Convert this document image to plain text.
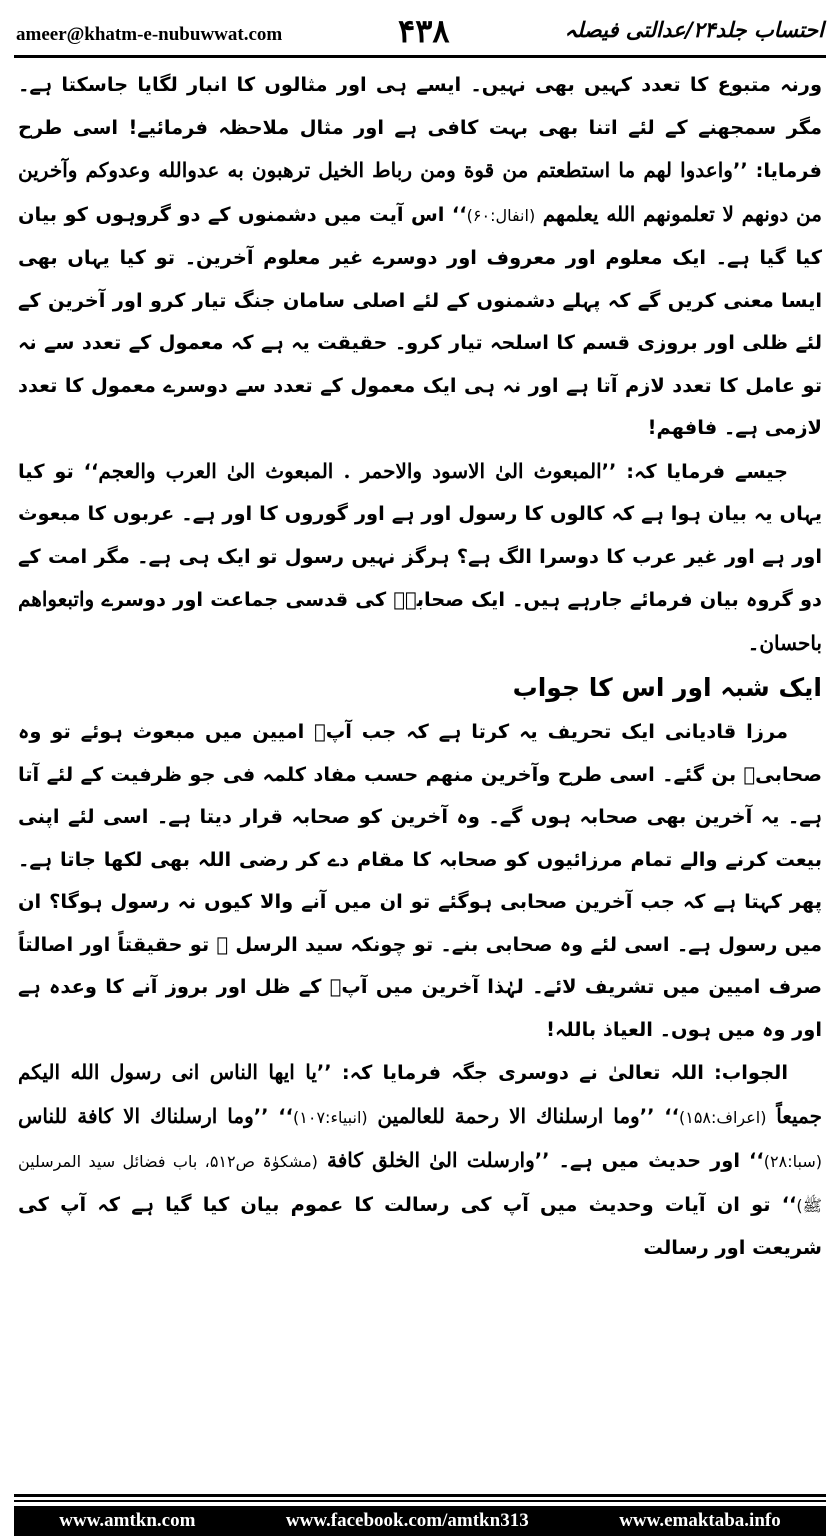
ameer@khatm-e-nubuwwat.com	۴۳۸	احتساب جلد۲۴/عدالتی فیصلہ

ورنہ متبوع کا تعدد کہیں بھی نہیں۔ ایسے ہی اور مثالوں کا انبار لگایا جاسکتا ہے۔ مگر سمجھنے کے لئے اتنا بھی بہت کافی ہے اور مثال ملاحظہ فرمائیے! اسی طرح فرمایا: ’’واعدوا لهم ما استطعتم من قوة ومن رباط الخيل ترهبون به عدوالله وعدوكم وآخرين من دونهم لا تعلمونهم الله يعلمهم (انفال:۶۰)‘‘ اس آیت میں دشمنوں کے دو گروہوں کو بیان کیا گیا ہے۔ ایک معلوم اور معروف اور دوسرے غیر معلوم آخرین۔ تو کیا یہاں بھی ایسا معنی کریں گے کہ پہلے دشمنوں کے لئے اصلی سامان جنگ تیار کرو اور آخرین کے لئے ظلی اور بروزی قسم کا اسلحہ تیار کرو۔ حقیقت یہ ہے کہ معمول کے تعدد سے نہ تو عامل کا تعدد لازم آتا ہے اور نہ ہی ایک معمول کے تعدد سے دوسرے معمول کا تعدد لازمی ہے۔ فافهم!

جیسے فرمایا کہ: ’’المبعوث الیٰ الاسود والاحمر . المبعوث الیٰ العرب والعجم‘‘ تو کیا یہاں یہ بیان ہوا ہے کہ کالوں کا رسول اور ہے اور گوروں کا اور ہے۔ عربوں کا مبعوث اور ہے اور غیر عرب کا دوسرا الگ ہے؟ ہرگز نہیں رسول تو ایک ہی ہے۔ مگر امت کے دو گروہ بیان فرمائے جارہے ہیں۔ ایک صحابہؓ کی قدسی جماعت اور دوسرے واتبعواهم باحسان۔

ایک شبہ اور اس کا جواب

مرزا قادیانی ایک تحریف یہ کرتا ہے کہ جب آپؐ امیین میں مبعوث ہوئے تو وہ صحابیؓ بن گئے۔ اسی طرح وآخرین منهم حسب مفاد کلمہ فی جو ظرفیت کے لئے آتا ہے۔ یہ آخرین بھی صحابہ ہوں گے۔ وہ آخرین کو صحابہ قرار دیتا ہے۔ اسی لئے اپنی بیعت کرنے والے تمام مرزائیوں کو صحابہ کا مقام دے کر رضی اللہ بھی لکھا جاتا ہے۔ پھر کہتا ہے کہ جب آخرین صحابی ہوگئے تو ان میں آنے والا کیوں نہ رسول ہوگا؟ ان میں رسول ہے۔ اسی لئے وہ صحابی بنے۔ تو چونکہ سید الرسل ﷺ تو حقیقتاً اور اصالتاً صرف امیین میں تشریف لائے۔ لہٰذا آخرین میں آپؐ کے ظل اور بروز آنے کا وعدہ ہے اور وہ میں ہوں۔ العیاذ باللہ!

الجواب: اللہ تعالیٰ نے دوسری جگہ فرمایا کہ: ’’یا ایها الناس انی رسول الله الیکم جمیعاً (اعراف:۱۵۸)‘‘ ’’وما ارسلناك الا رحمة للعالمین (انبیاء:۱۰۷)‘‘ ’’وما ارسلناك الا كافة للناس (سبا:۲۸)‘‘ اور حدیث میں ہے۔ ’’وارسلت الیٰ الخلق كافة (مشکوٰۃ ص۵۱۲، باب فضائل سید المرسلین ﷺ)‘‘ تو ان آیات وحدیث میں آپ کی رسالت کا عموم بیان کیا گیا ہے کہ آپ کی شریعت اور رسالت

www.amtkn.com	www.facebook.com/amtkn313	www.emaktaba.info
